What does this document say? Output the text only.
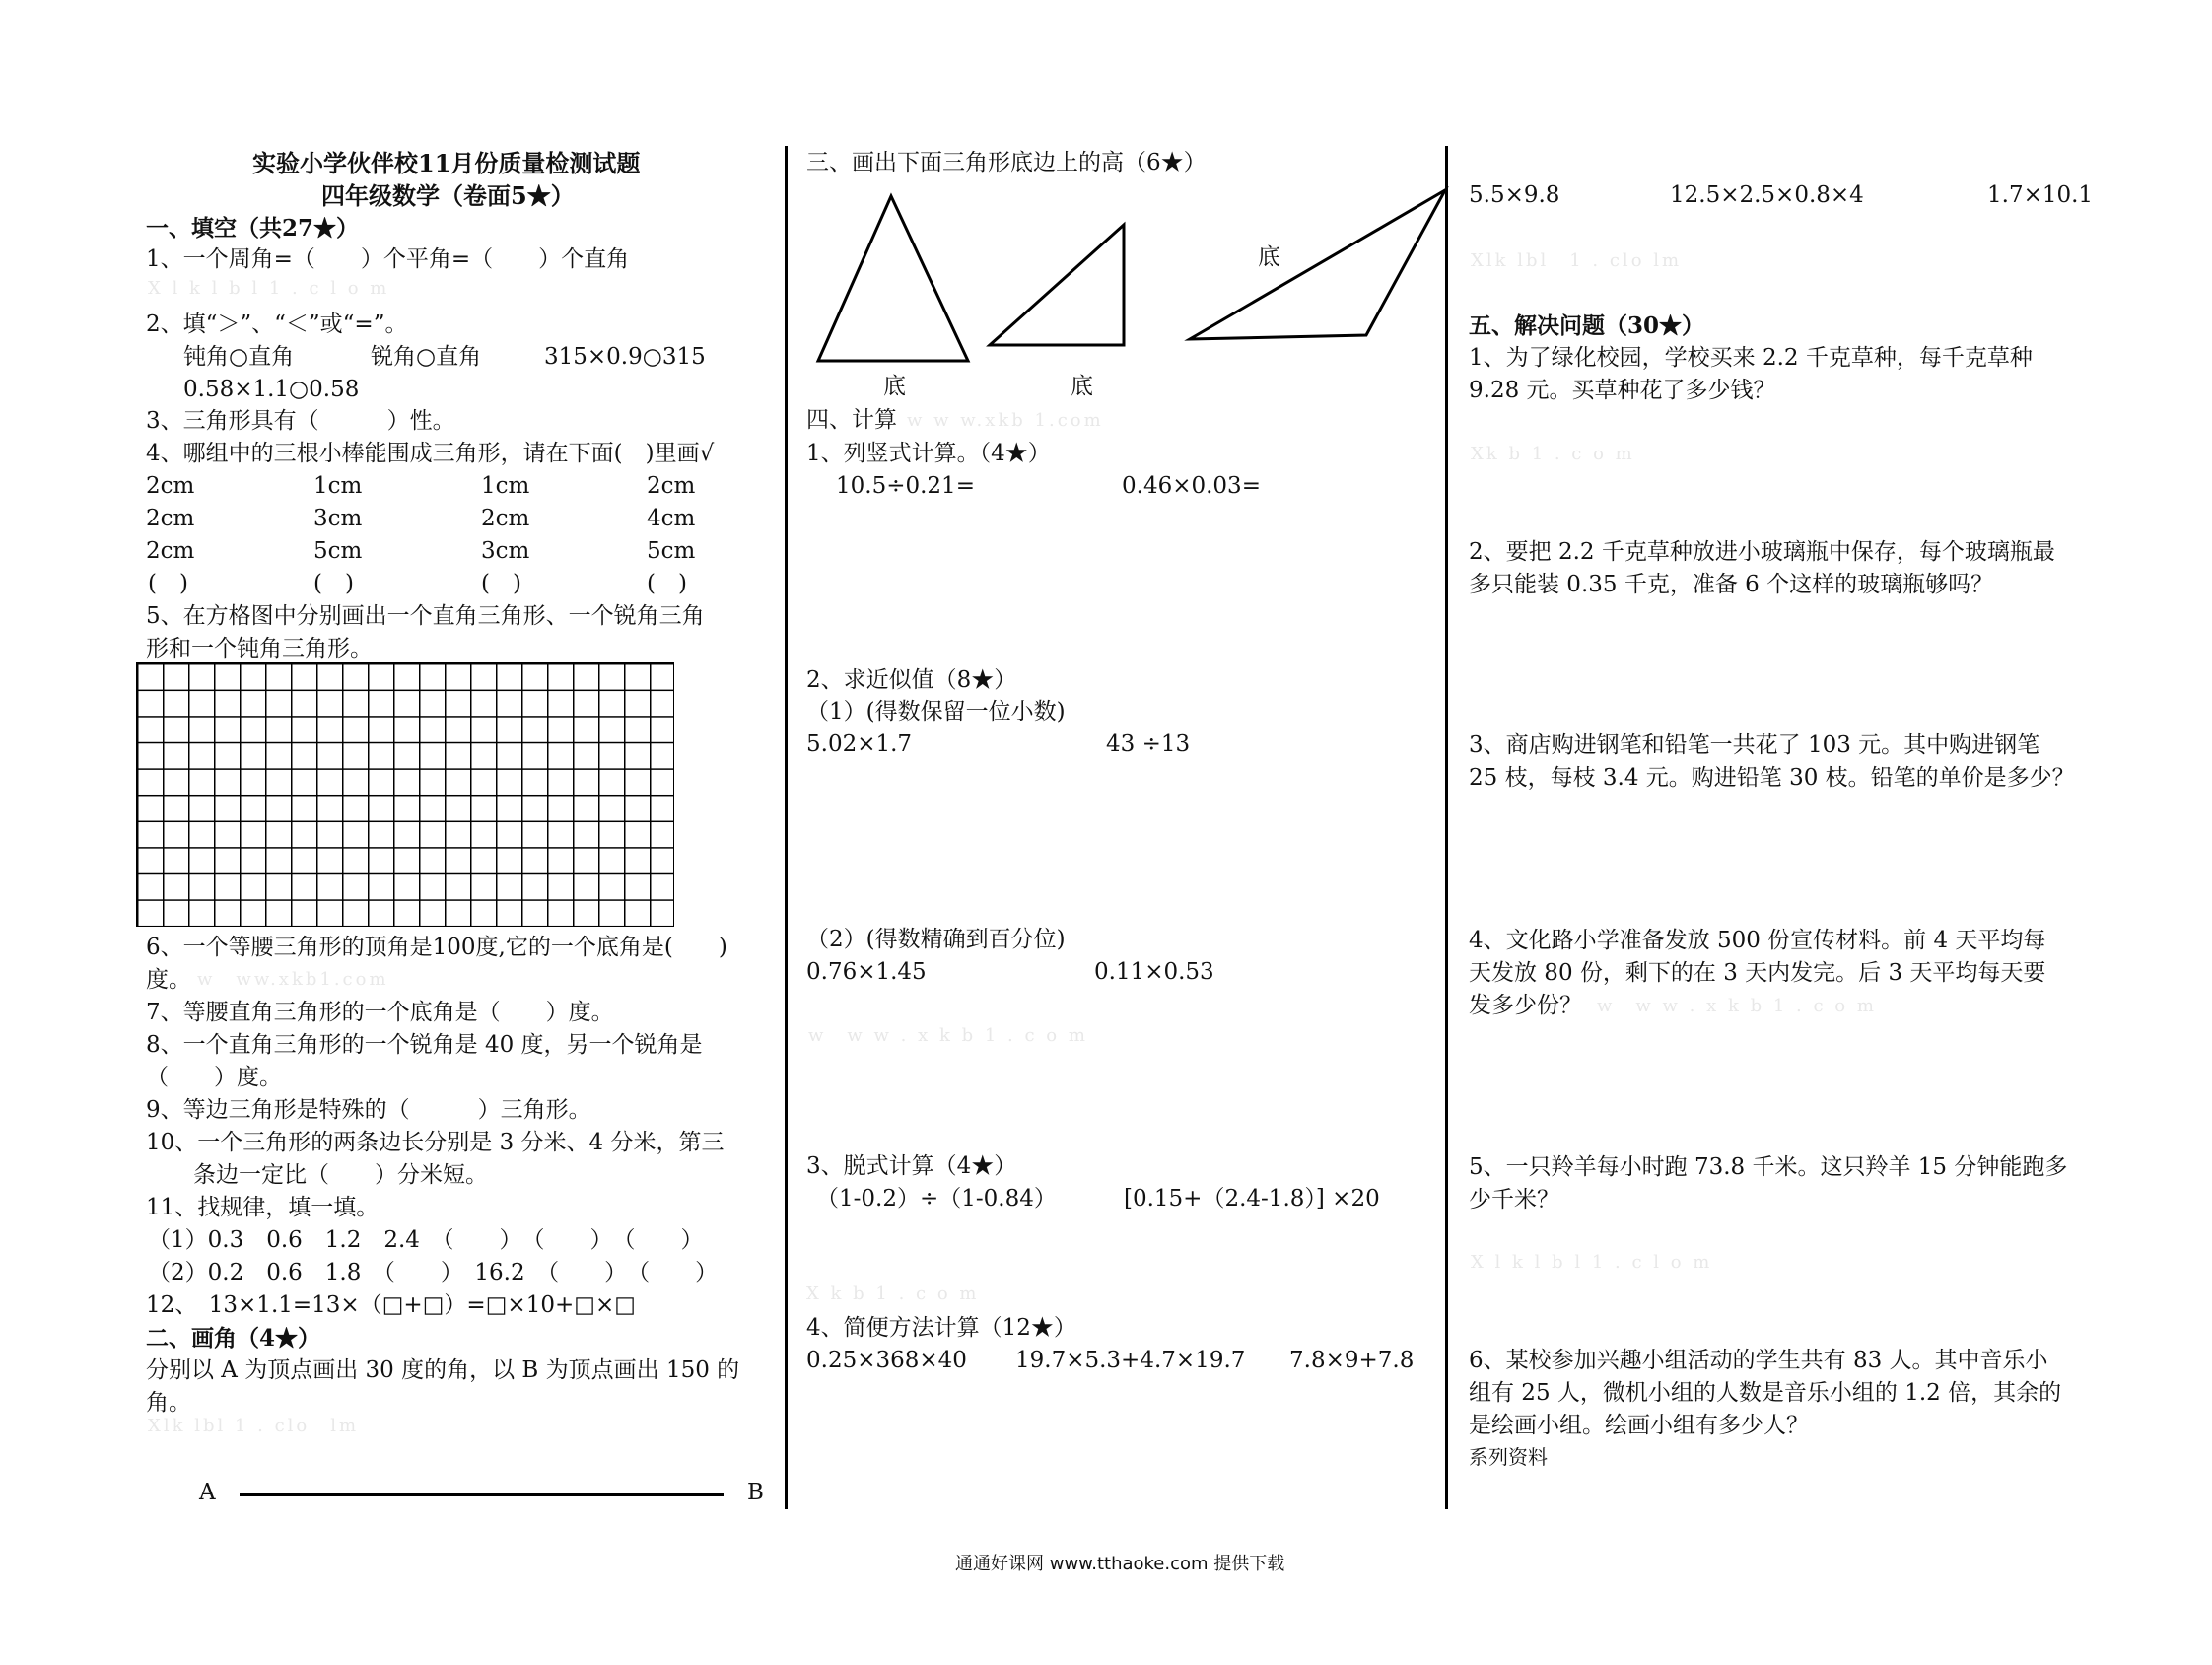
实验小学伙伴校11月份质量检测试题
四年级数学（卷面5★）
一、填空（共27★）
1、一个周角=（　　）个平角=（　　）个直角
X l k l b l 1 . c l o m
2、填“＞”、“＜”或“=”。
钝角○直角	锐角○直角	315×0.9○315
0.58×1.1○0.58
3、三角形具有（　　　）性。
4、哪组中的三根小棒能围成三角形，请在下面(　)里画√
2cm	1cm	1cm	2cm
2cm	3cm	2cm	4cm
2cm	5cm	3cm	5cm
(　)	(　)	(　)	(　)
5、在方格图中分别画出一个直角三角形、一个锐角三角
形和一个钝角三角形。
6、一个等腰三角形的顶角是100度,它的一个底角是(　　)
度。 w　ww.xkb1.com
7、等腰直角三角形的一个底角是（　　）度。
8、一个直角三角形的一个锐角是 40 度，另一个锐角是
（　　）度。
9、等边三角形是特殊的（　　　）三角形。
10、一个三角形的两条边长分别是 3 分米、4 分米，第三
条边一定比（　　）分米短。
11、找规律，填一填。
（1）0.3　0.6　1.2　2.4　（　　）　（　　）　（　　）
（2）0.2　0.6　1.8　（　　）　16.2　（　　）　（　　）
12、　13×1.1=13×（□+□）=□×10+□×□
二、画角（4★）
分别以 A 为顶点画出 30 度的角，以 B 为顶点画出 150 的
角。
Xlk lbl 1 . clo　lm
A	B
三、画出下面三角形底边上的高（6★）
底	底
底
四、计算 w w w.xkb 1.com
1、列竖式计算。（4★）
10.5÷0.21=	0.46×0.03=
2、求近似值（8★）
（1）(得数保留一位小数)
5.02×1.7	43 ÷13
（2）(得数精确到百分位)
0.76×1.45	0.11×0.53
w　w w . x k b 1 . c o m
3、脱式计算（4★）
（1-0.2）÷（1-0.84）	[0.15+（2.4-1.8）] ×20
X k b 1 . c o m
4、简便方法计算（12★）
0.25×368×40 19.7×5.3+4.7×19.7 7.8×9+7.8
5.5×9.8	12.5×2.5×0.8×4	1.7×10.1
Xlk lbl　1 . clo lm
五、解决问题（30★）
1、为了绿化校园，学校买来 2.2 千克草种，每千克草种
9.28 元。买草种花了多少钱？
Xk b 1 . c o m
2、要把 2.2 千克草种放进小玻璃瓶中保存，每个玻璃瓶最
多只能装 0.35 千克，准备 6 个这样的玻璃瓶够吗？
3、商店购进钢笔和铅笔一共花了 103 元。其中购进钢笔
25 枝，每枝 3.4 元。购进铅笔 30 枝。铅笔的单价是多少？
4、文化路小学准备发放 500 份宣传材料。前 4 天平均每
天发放 80 份，剩下的在 3 天内发完。后 3 天平均每天要
发多少份？ w　w w . x k b 1 . c o m
5、一只羚羊每小时跑 73.8 千米。这只羚羊 15 分钟能跑多
少千米？
X l k l b l 1 . c l o m
6、某校参加兴趣小组活动的学生共有 83 人。其中音乐小
组有 25 人，微机小组的人数是音乐小组的 1.2 倍，其余的
是绘画小组。绘画小组有多少人？
系列资料
通通好课网 www.tthaoke.com 提供下载
